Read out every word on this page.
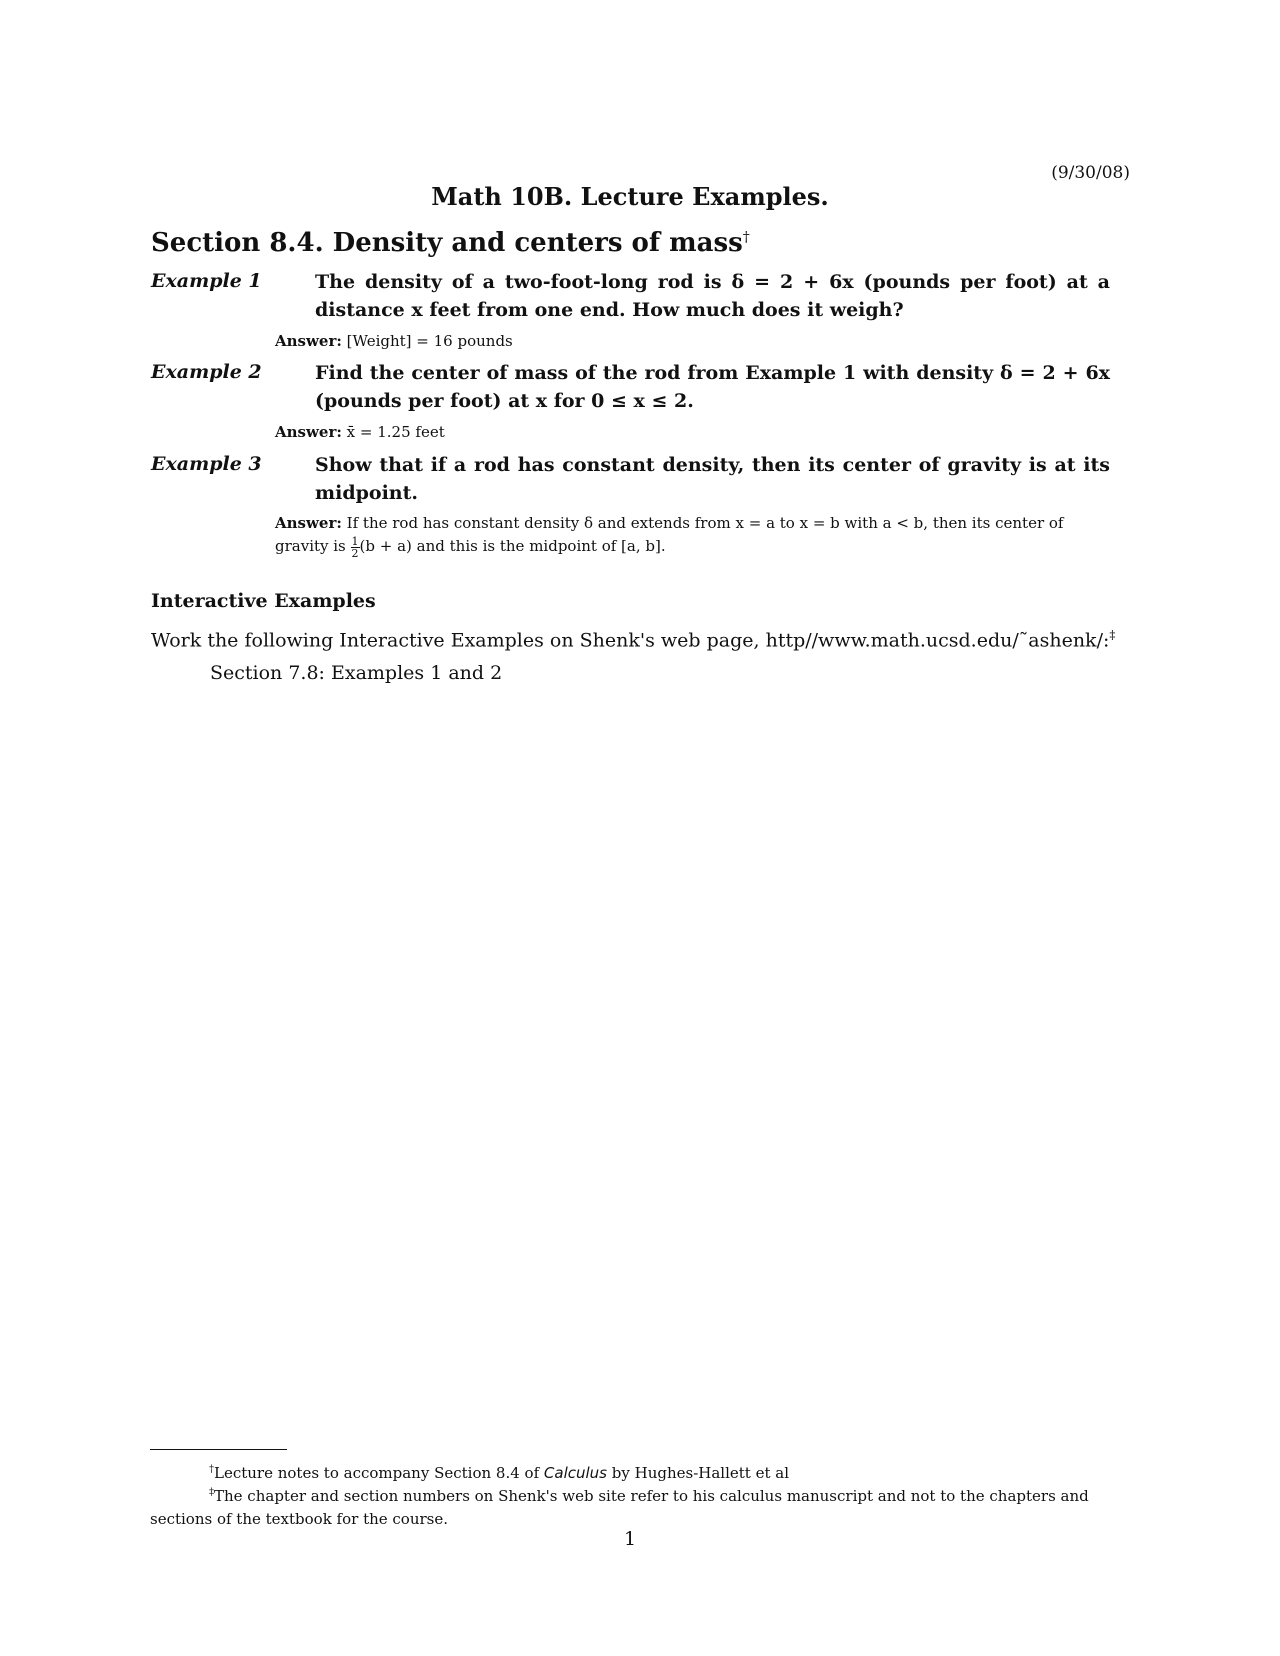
(9/30/08)
Math 10B. Lecture Examples.
Section 8.4. Density and centers of mass†
Example 1	The density of a two-foot-long rod is δ = 2 + 6x (pounds per foot) at a distance x feet from one end. How much does it weigh?
Answer: [Weight] = 16 pounds
Example 2	Find the center of mass of the rod from Example 1 with density δ = 2 + 6x (pounds per foot) at x for 0 ≤ x ≤ 2.
Answer: x̄ = 1.25 feet
Example 3	Show that if a rod has constant density, then its center of gravity is at its midpoint.
Answer: If the rod has constant density δ and extends from x = a to x = b with a < b, then its center of gravity is $\frac{1}{2} (b + a)$ and this is the midpoint of [a, b].
Interactive Examples
Work the following Interactive Examples on Shenk's web page, http//www.math.ucsd.edu/˜ashenk/:‡
Section 7.8: Examples 1 and 2
†Lecture notes to accompany Section 8.4 of Calculus by Hughes-Hallett et al
‡The chapter and section numbers on Shenk's web site refer to his calculus manuscript and not to the chapters and sections of the textbook for the course.
1
